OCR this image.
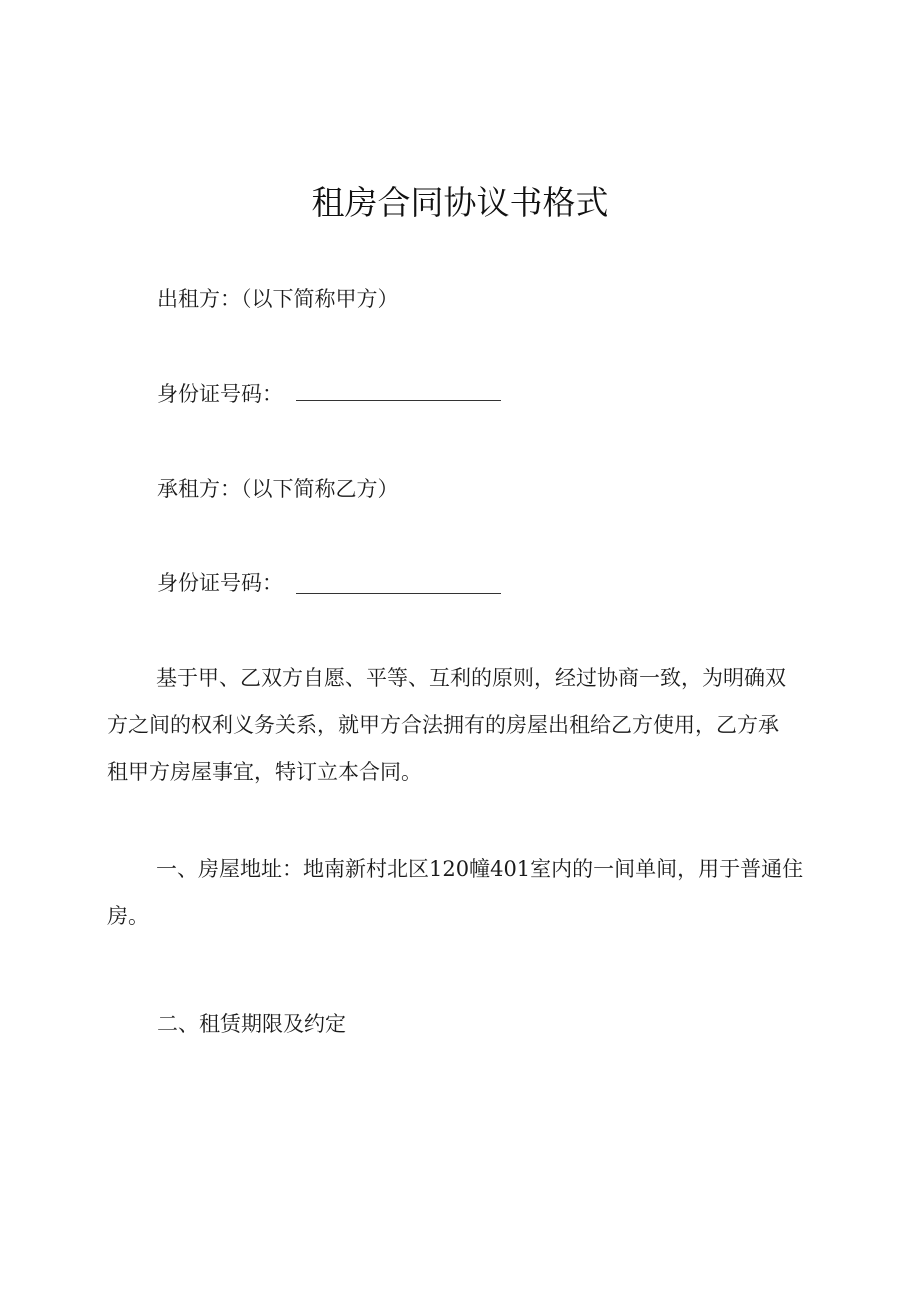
租房合同协议书格式
出租方：（以下简称甲方）
身份证号码：
承租方：（以下简称乙方）
身份证号码：
基于甲、乙双方自愿、平等、互利的原则，经过协商一致，为明确双
方之间的权利义务关系，就甲方合法拥有的房屋出租给乙方使用，乙方承
租甲方房屋事宜，特订立本合同。
一、房屋地址：地南新村北区120幢401室内的一间单间，用于普通住
房。
二、租赁期限及约定
